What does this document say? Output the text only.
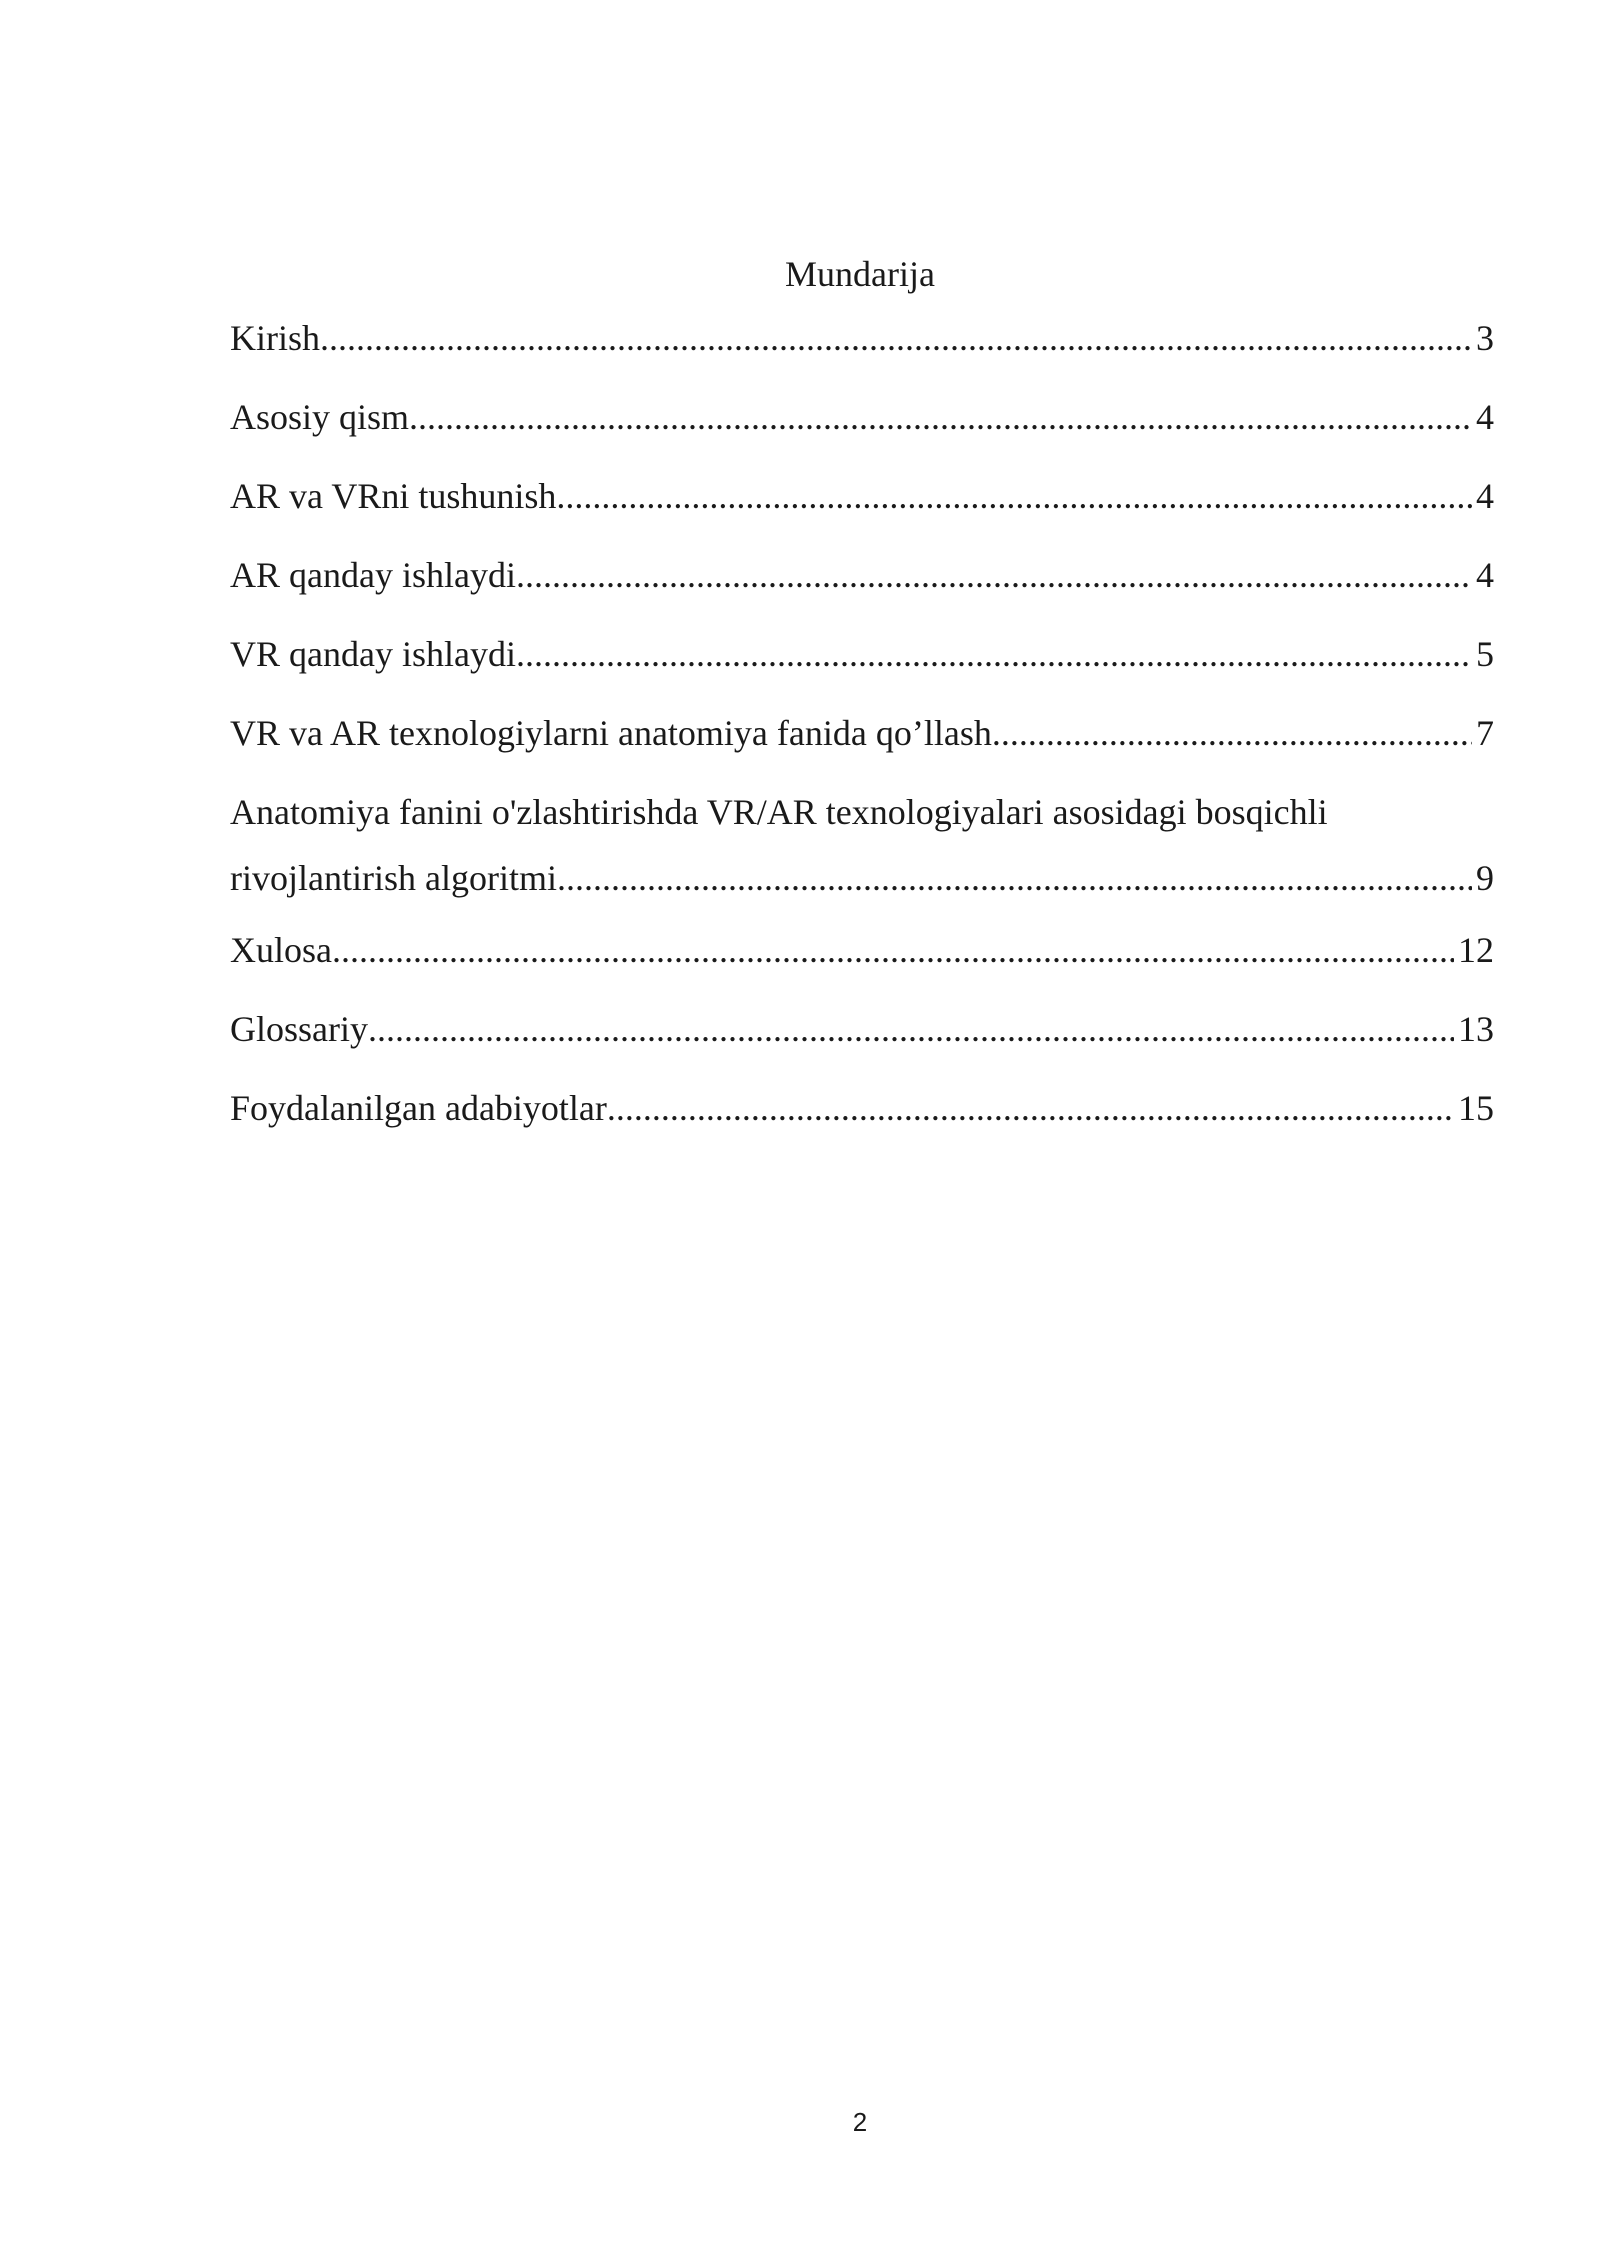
Mundarija
Kirish .....	3
Asosiy qism .....	4
AR va VRni tushunish .....	4
AR qanday ishlaydi .....	4
VR qanday ishlaydi .....	5
VR va AR texnologiylarni anatomiya fanida qo’llash .....	7
Anatomiya fanini o'zlashtirishda VR/AR texnologiyalari asosidagi bosqichli
rivojlantirish algoritmi .....	9
Xulosa .....	12
Glossariy .....	13
Foydalanilgan adabiyotlar .....	15
2
